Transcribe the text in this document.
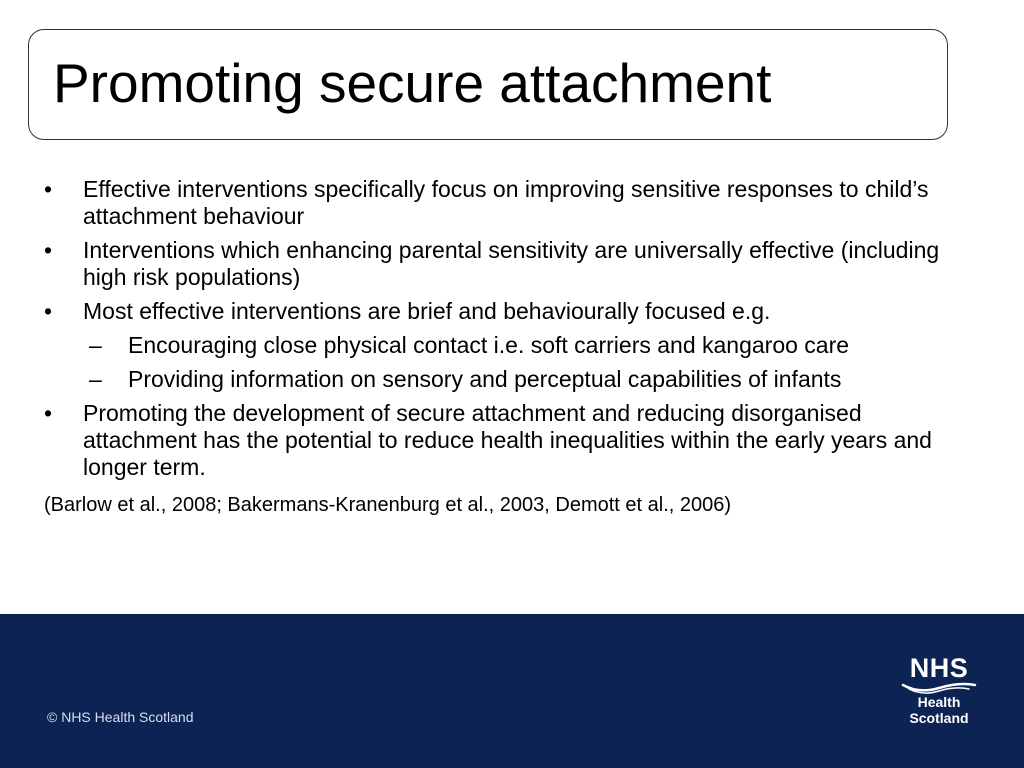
Promoting secure attachment
• Effective interventions specifically focus on improving sensitive responses to child’s attachment behaviour
• Interventions which enhancing parental sensitivity are universally effective (including high risk populations)
• Most effective interventions are brief and behaviourally focused e.g.
– Encouraging close physical contact i.e. soft carriers and kangaroo care
– Providing information on sensory and perceptual capabilities of infants
• Promoting the development of secure attachment and reducing disorganised attachment has the potential to reduce health inequalities within the early years and longer term.
(Barlow et al., 2008; Bakermans-Kranenburg et al., 2003, Demott et al., 2006)
© NHS Health Scotland
NHS
Health
Scotland
